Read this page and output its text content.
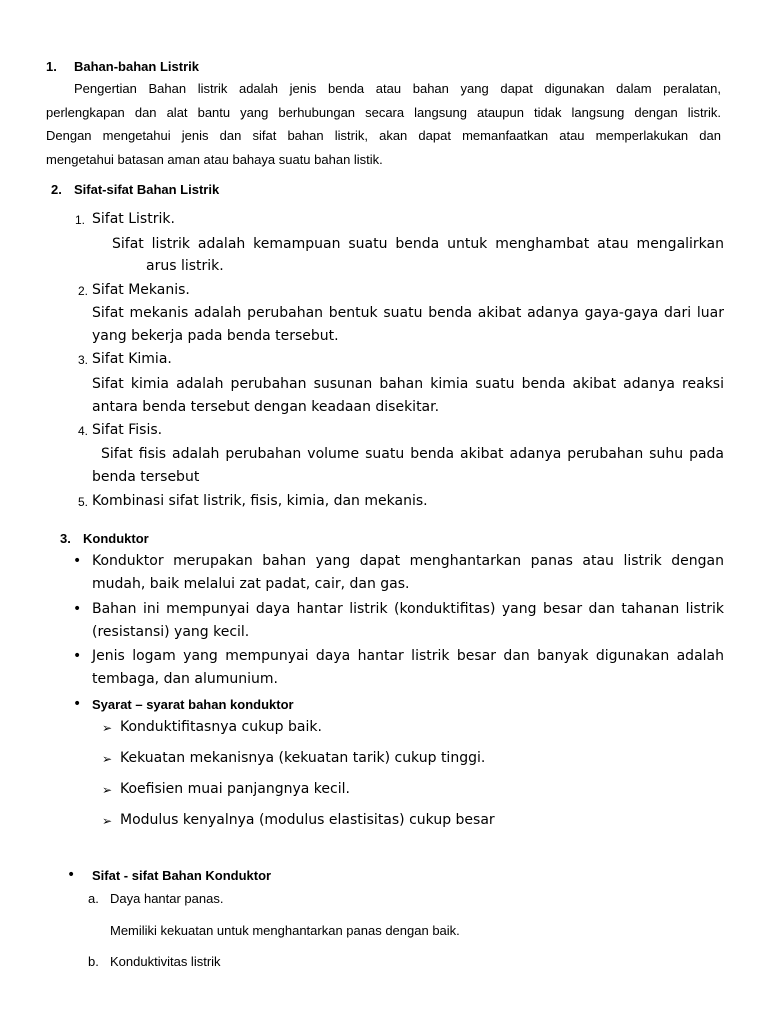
1. Bahan-bahan Listrik
Pengertian Bahan listrik adalah jenis benda atau bahan yang dapat digunakan dalam peralatan,
perlengkapan dan alat bantu yang berhubungan secara langsung ataupun tidak langsung dengan listrik.
Dengan mengetahui jenis dan sifat bahan listrik, akan dapat memanfaatkan atau memperlakukan dan
mengetahui batasan aman atau bahaya suatu bahan listik.
2. Sifat-sifat Bahan Listrik
1. Sifat Listrik.
Sifat listrik adalah kemampuan suatu benda untuk menghambat atau mengalirkan
arus listrik.
2. Sifat Mekanis.
Sifat mekanis adalah perubahan bentuk suatu benda akibat adanya gaya-gaya dari luar
yang bekerja pada benda tersebut.
3. Sifat Kimia.
Sifat kimia adalah perubahan susunan bahan kimia suatu benda akibat adanya reaksi
antara benda tersebut dengan keadaan disekitar.
4. Sifat Fisis.
Sifat fisis adalah perubahan volume suatu benda akibat adanya perubahan suhu pada
benda tersebut
5. Kombinasi sifat listrik, fisis, kimia, dan mekanis.
3. Konduktor
• Konduktor merupakan bahan yang dapat menghantarkan panas atau listrik dengan
mudah, baik melalui zat padat, cair, dan gas.
• Bahan ini mempunyai daya hantar listrik (konduktifitas) yang besar dan tahanan listrik
(resistansi) yang kecil.
• Jenis logam yang mempunyai daya hantar listrik besar dan banyak digunakan adalah
tembaga, dan alumunium.
• Syarat – syarat bahan konduktor
➢ Konduktifitasnya cukup baik.
➢ Kekuatan mekanisnya (kekuatan tarik) cukup tinggi.
➢ Koefisien muai panjangnya kecil.
➢ Modulus kenyalnya (modulus elastisitas) cukup besar
• Sifat - sifat Bahan Konduktor
a. Daya hantar panas.
Memiliki kekuatan untuk menghantarkan panas dengan baik.
b. Konduktivitas listrik
